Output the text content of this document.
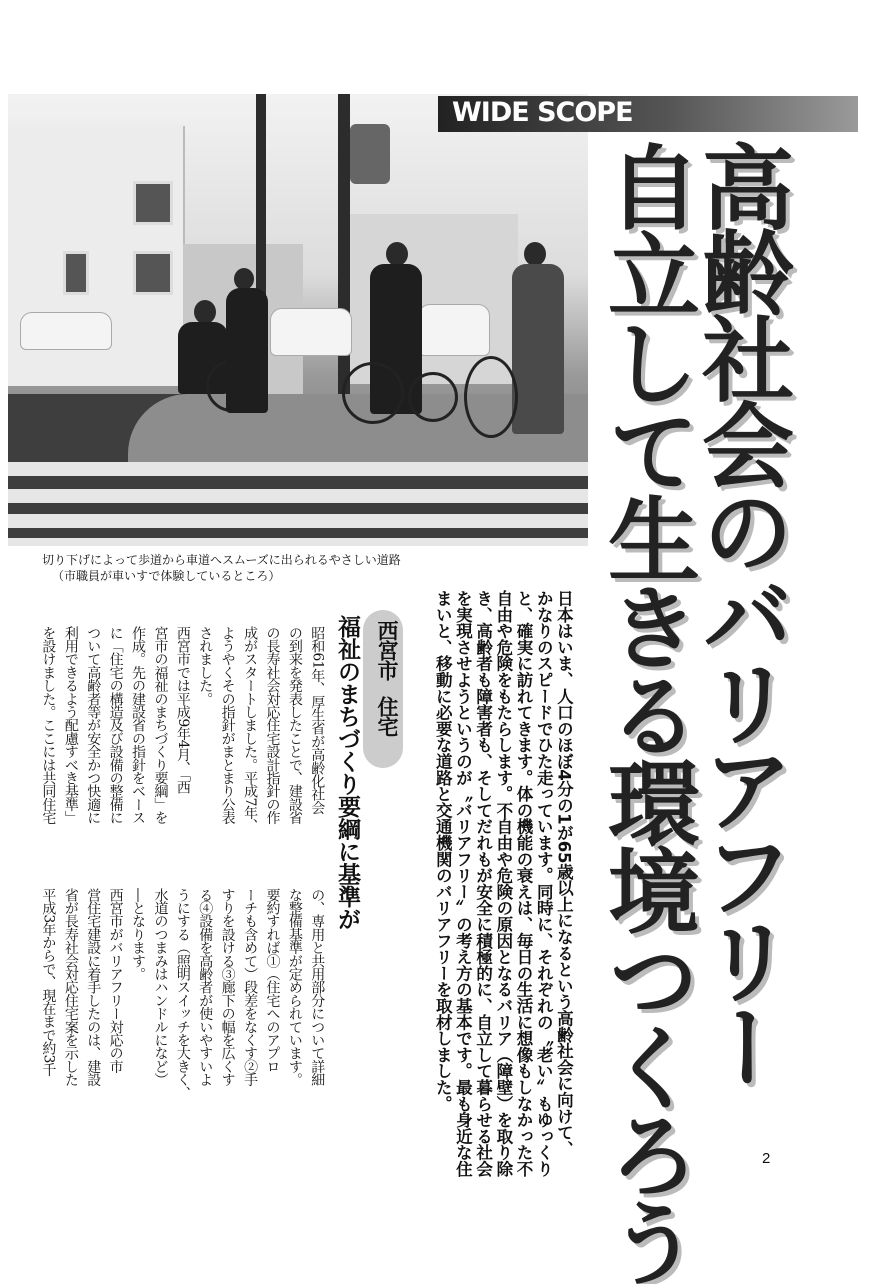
切り下げによって歩道から車道へスムーズに出られるやさしい道路
（市職員が車いすで体験しているところ）
WIDE SCOPE
高齢社会のバリアフリー
自立して生きる環境つくろう
日本はいま、人口のほぼ4分の1が65歳以上になるという高齢社会に向けて、
かなりのスピードでひた走っています。同時に、それぞれの〝老い〟もゆっくり
と、確実に訪れてきます。体の機能の衰えは、毎日の生活に想像もしなかった不
自由や危険をもたらします。不自由や危険の原因となるバリア（障壁）を取り除
き、高齢者も障害者も、そしてだれもが安全に積極的に、自立して暮らせる社会
を実現させようというのが〝バリアフリー〟の考え方の基本です。最も身近な住
まいと、移動に必要な道路と交通機関のバリアフリーを取材しました。
西宮市
住宅
福祉のまちづくり要綱に基準が
昭和61年、厚生省が高齢化社会
の到来を発表したことで、建設省
の長寿社会対応住宅設計指針の作
成がスタートしました。平成7年、
ようやくその指針がまとまり公表
されました。
西宮市では平成9年4月、「西
宮市の福祉のまちづくり要綱」を
作成。先の建設省の指針をベース
に「住宅の構造及び設備の整備に
ついて高齢者等が安全かつ快適に
利用できるよう配慮すべき基準」
を設けました。ここには共同住宅
の、専用と共用部分について詳細
な整備基準が定められています。
要約すれば①（住宅へのアプロ
ーチも含めて）段差をなくす②手
すりを設ける③廊下の幅を広くす
る④設備を高齢者が使いやすいよ
うにする（照明スイッチを大きく、
水道のつまみはハンドルになど）
―となります。
西宮市がバリアフリー対応の市
営住宅建設に着手したのは、建設
省が長寿社会対応住宅案を示した
平成3年からで、現在まで約3千
2
